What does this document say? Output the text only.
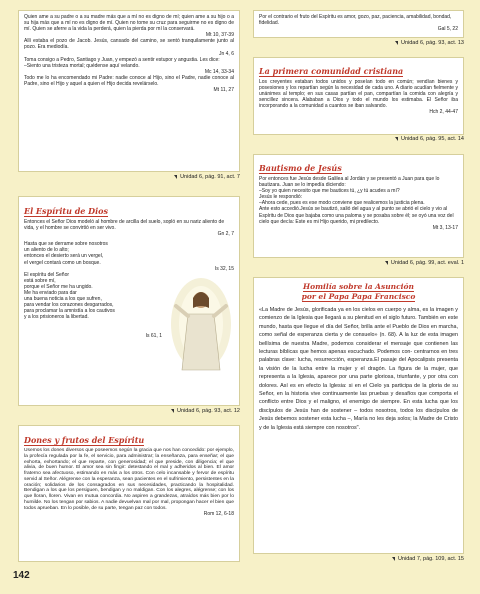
Quien ame a su padre o a su madre más que a mí no es digno de mí; quien ame a su hijo o a su hija más que a mí no es digno de mí. Quien no tome su cruz para seguirme no es digno de mí. Quien se aferre a la vida la perderá, quien la pierda por mí la conservará.

Mt 10, 37-39

Allí estaba el pozo de Jacob. Jesús, cansado del camino, se sentó tranquilamente junto al pozo. Era mediodía.

Jn 4, 6

Toma consigo a Pedro, Santiago y Juan, y empezó a sentir estupor y angustia. Les dice:

–Siento una tristeza mortal; quédense aquí velando.

Mc 14, 33-34

Todo me lo ha encomendado mi Padre: nadie conoce al Hijo, sino el Padre, nadie conoce al Padre, sino el Hijo y aquel a quien el Hijo decida revelárselo.

Mt 11, 27

Unidad 6, pág. 91, act. 7
El Espíritu de Dios

Entonces el Señor Dios modeló al hombre de arcilla del suelo, sopló en su nariz aliento de vida, y el hombre se convirtió en ser vivo.

Gn 2, 7

Hasta que se derrame sobre nosotros

un aliento de lo alto;

entonces el desierto será un vergel,

el vergel contará como un bosque.

Is 32, 15

El espíritu del Señor

está sobre mí,

porque el Señor me ha ungido.

Me ha enviado para dar

una buena noticia a los que sufren,

para vendar los corazones desgarrados,

para proclamar la amnistía a los cautivos

y a los prisioneros la libertad.

Is 61, 1

Unidad 6, pág. 93, act. 12
Dones y frutos del Espíritu

Usemos los dones diversos que poseemos según la gracia que nos han concedido: por ejemplo, la profecía regulada por la fe, el servicio, para administrar; la enseñanza, para enseñar; el que exhorta, exhortando; el que reparte, con generosidad; el que preside, con diligencia; el que alivia, de buen humor. El amor sea sin fingir: detestando el mal y adheridos al bien. El amor fraterno sea afectuoso, estimando en más a los otros. Con celo incansable y fervor de espíritu servid al Señor. Alégrense con la esperanza, sean pacientes en el sufrimiento, persistentes en la oración; solidarios de los consagrados en sus necesidades, practicando la hospitalidad. Bendigan a los que los persiguen, bendigan y no maldigan. Con los alegres, alégrense; con los que lloran, lloren. Vivan en mutua concordia. No aspiren a grandezas, atraídos más bien por lo humilde. No los tengan por sabios. A nadie devuelvan mal por mal, propongan hacer el bien que todos aprueban. En lo posible, de su parte, tengan paz con todos.

Rom 12, 6-18

Por el contrario el fruto del Espíritu es amor, gozo, paz, paciencia, amabilidad, bondad, fidelidad.

Gal 5, 22

Unidad 6, pág. 93, act. 13
La primera comunidad cristiana

Los creyentes estaban todos unidos y poseían todo en común; vendían bienes y posesiones y los repartían según la necesidad de cada uno. A diario acudían fielmente y unánimes al templo; en sus casas partían el pan, compartían la comida con alegría y sencillez sincera. Alababan a Dios y todo el mundo los estimaba. El Señor iba incorporando a la comunidad a cuantos se iban salvando.

Hch 2, 44-47

Unidad 6, pág. 95, act. 14
Bautismo de Jesús

Por entonces fue Jesús desde Galilea al Jordán y se presentó a Juan para que lo bautizara. Juan se lo impedía diciendo:

–Soy yo quien necesito que me bautices tú, ¿y tú acudes a mí?

Jesús le respondió:

–Ahora cede, pues es ese modo conviene que realicemos la justicia plena.

Ante esto accedió.Jesús se bautizó, salió del agua y al punto se abrió el cielo y vio al Espíritu de Dios que bajaba como una paloma y se posaba sobre él; se oyó una voz del cielo que decía: Este es mi Hijo querido, mi predilecto.

Mt 3, 13-17

Unidad 6, pág. 99, act. eval. 1
Homilía sobre la Asunción
por el Papa Papa Francisco

«La Madre de Jesús, glorificada ya en los cielos en cuerpo y alma, es la imagen y comienzo de la Iglesia que llegará a su plenitud en el siglo futuro. También en este mundo, hasta que llegue el día del Señor, brilla ante el Pueblo de Dios en marcha, como señal de esperanza cierta y de consuelo» (n. 68). A la luz de esta imagen bellísima de nuestra Madre, podemos considerar el mensaje que contienen las lecturas bíblicas que hemos apenas escuchado. Podemos con- centrarnos en tres palabras clave: lucha, resurrección, esperanza.El pasaje del Apocalipsis presenta la visión de la lucha entre la mujer y el dragón. La figura de la mujer, que representa a la Iglesia, aparece por una parte gloriosa, triunfante, y por otra con dolores. Así es en efecto la Iglesia: si en el Cielo ya participa de la gloria de su Señor, en la historia vive continuamente las pruebas y desafíos que comporta el conflicto entre Dios y el maligno, el enemigo de siempre. En esta lucha que los discípulos de Jesús han de sostener – todos nosotros, todos los discípulos de Jesús debemos sostener esta lucha –, María no les deja solos; la Madre de Cristo y de la Iglesia está siempre con nosotros".

Unidad 7, pág. 109, act. 15
142
